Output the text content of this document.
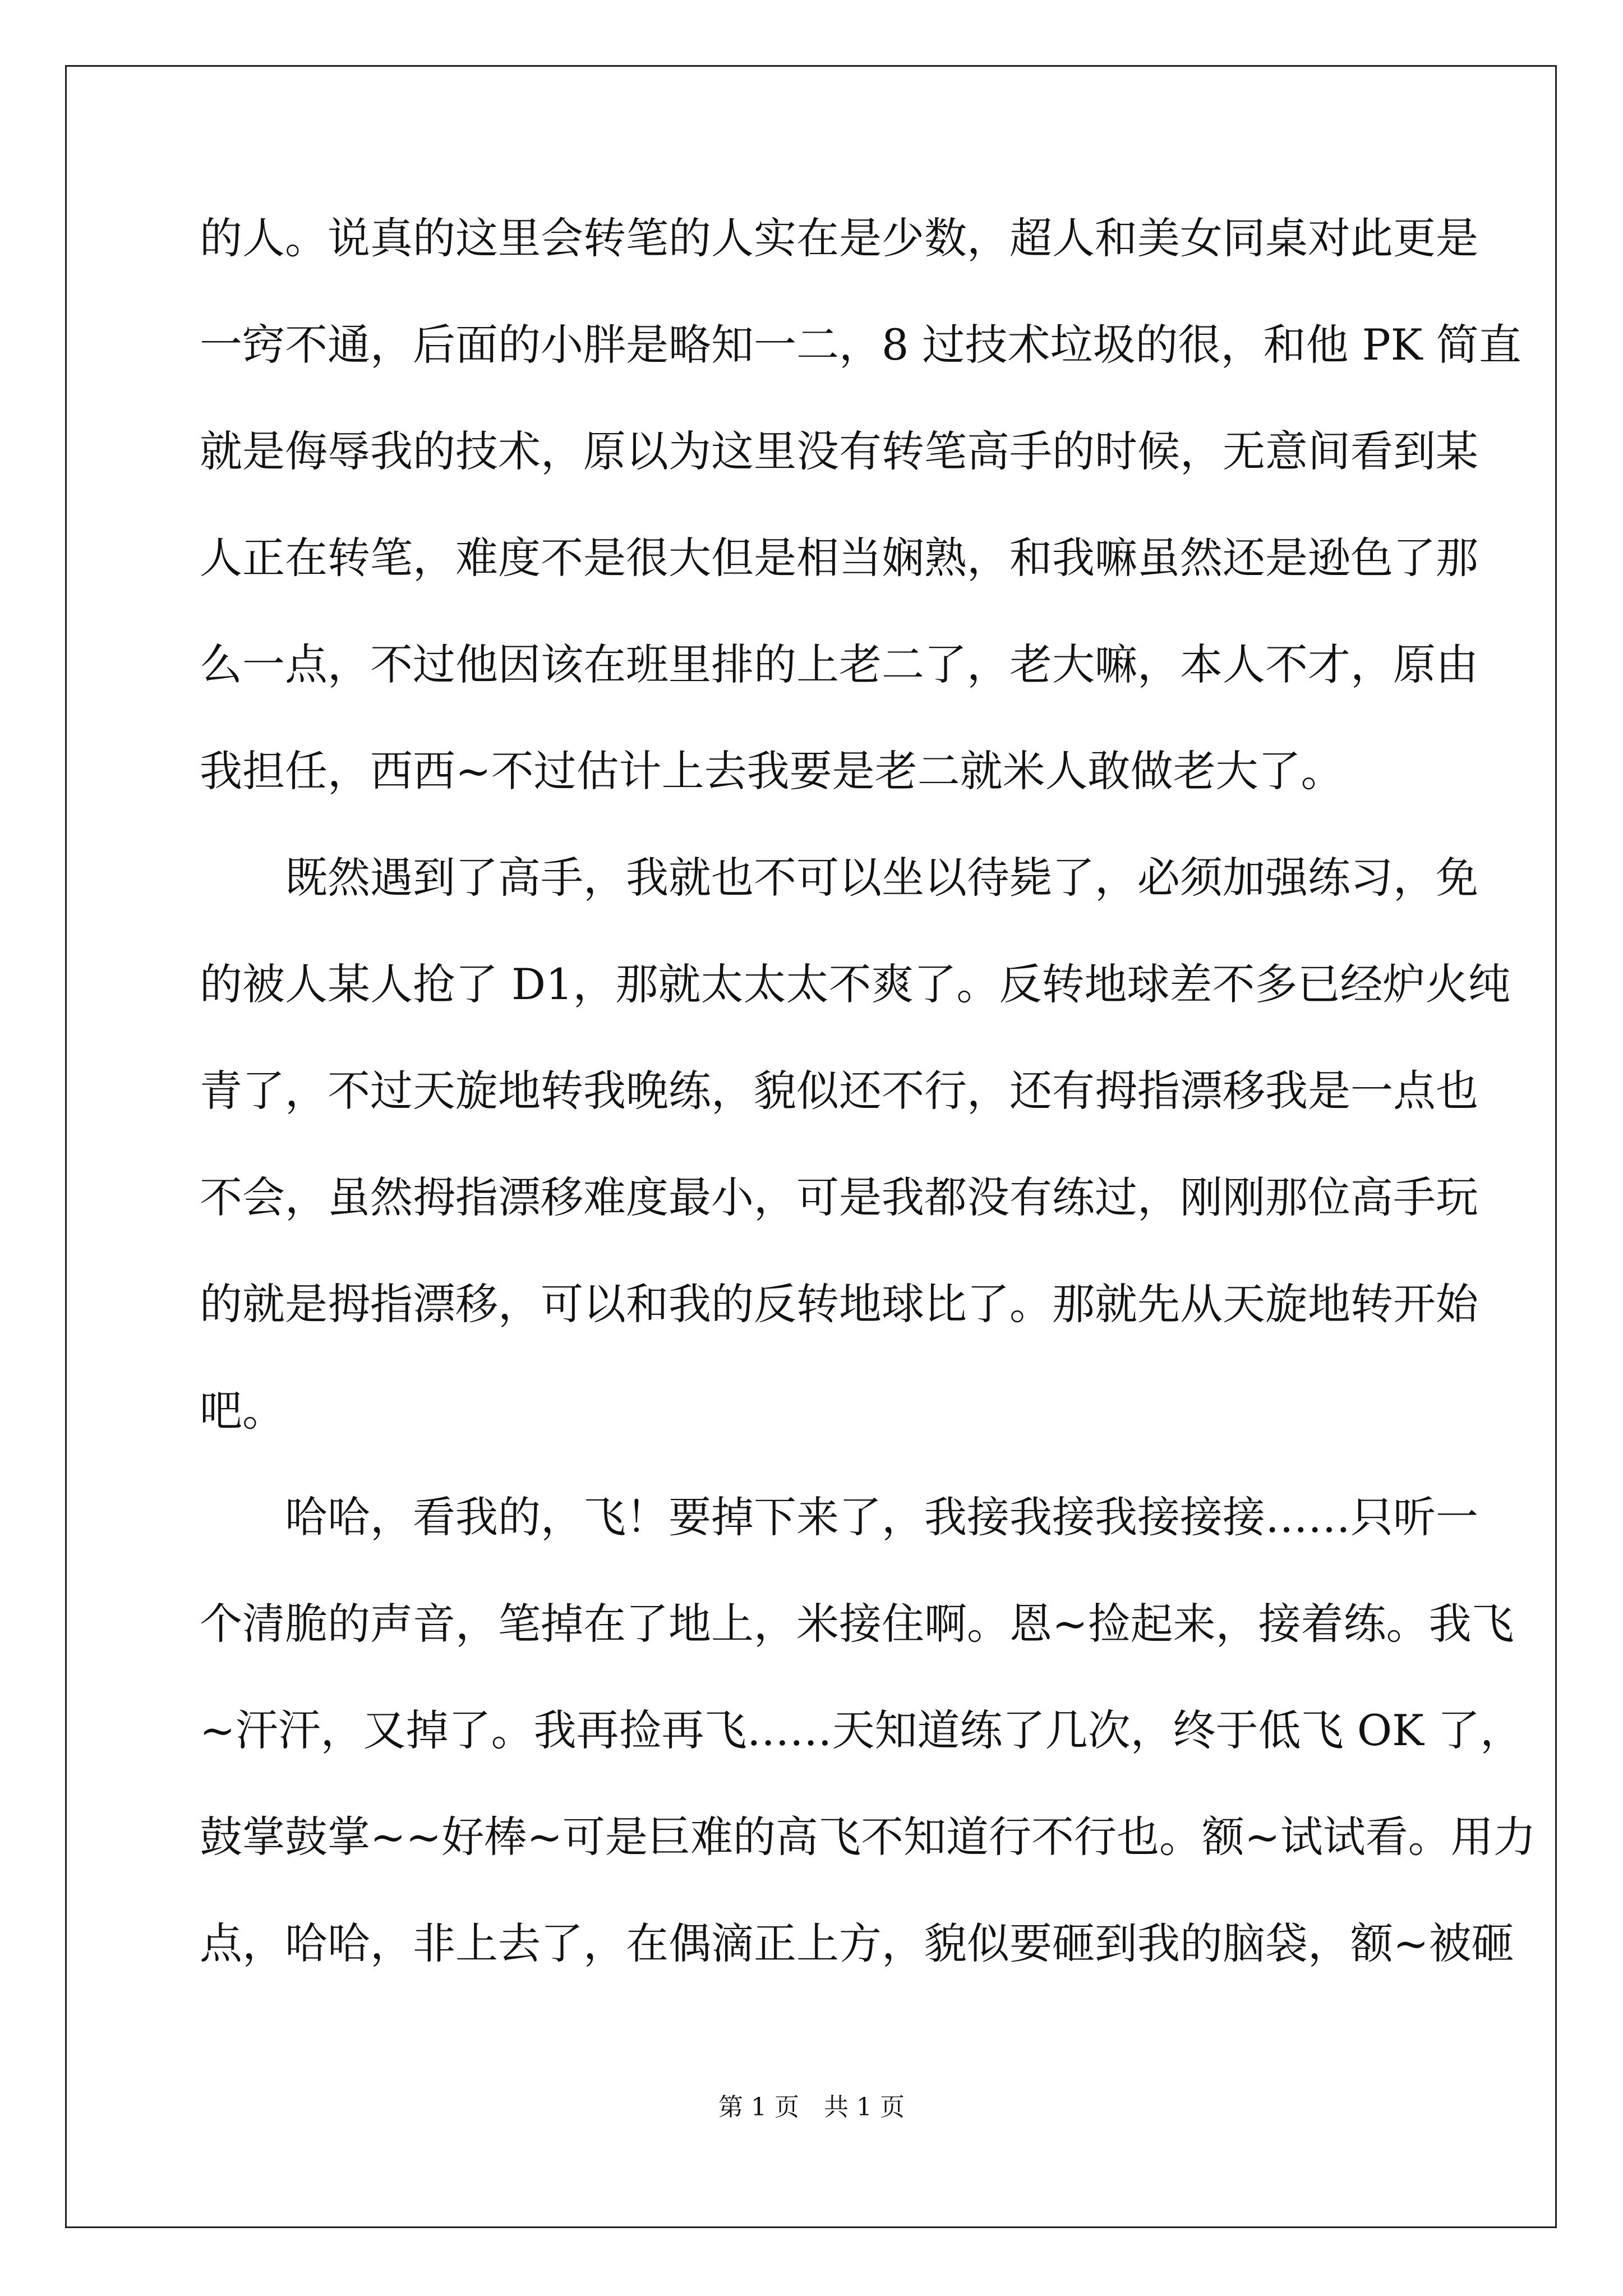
的人。说真的这里会转笔的人实在是少数，超人和美女同桌对此更是
一窍不通，后面的小胖是略知一二，8 过技术垃圾的很，和他 PK 简直
就是侮辱我的技术，原以为这里没有转笔高手的时候，无意间看到某
人正在转笔，难度不是很大但是相当娴熟，和我嘛虽然还是逊色了那
么一点，不过他因该在班里排的上老二了，老大嘛，本人不才，原由
我担任，西西~不过估计上去我要是老二就米人敢做老大了。
　　既然遇到了高手，我就也不可以坐以待毙了，必须加强练习，免
的被人某人抢了 D1，那就太太太不爽了。反转地球差不多已经炉火纯
青了，不过天旋地转我晚练，貌似还不行，还有拇指漂移我是一点也
不会，虽然拇指漂移难度最小，可是我都没有练过，刚刚那位高手玩
的就是拇指漂移，可以和我的反转地球比了。那就先从天旋地转开始
吧。
　　哈哈，看我的，飞！要掉下来了，我接我接我接接接……只听一
个清脆的声音，笔掉在了地上，米接住啊。恩~捡起来，接着练。我飞
~汗汗，又掉了。我再捡再飞……天知道练了几次，终于低飞 OK 了，
鼓掌鼓掌~~好棒~可是巨难的高飞不知道行不行也。额~试试看。用力
点，哈哈，非上去了，在偶滴正上方，貌似要砸到我的脑袋，额~被砸
第 1 页　共 1 页
